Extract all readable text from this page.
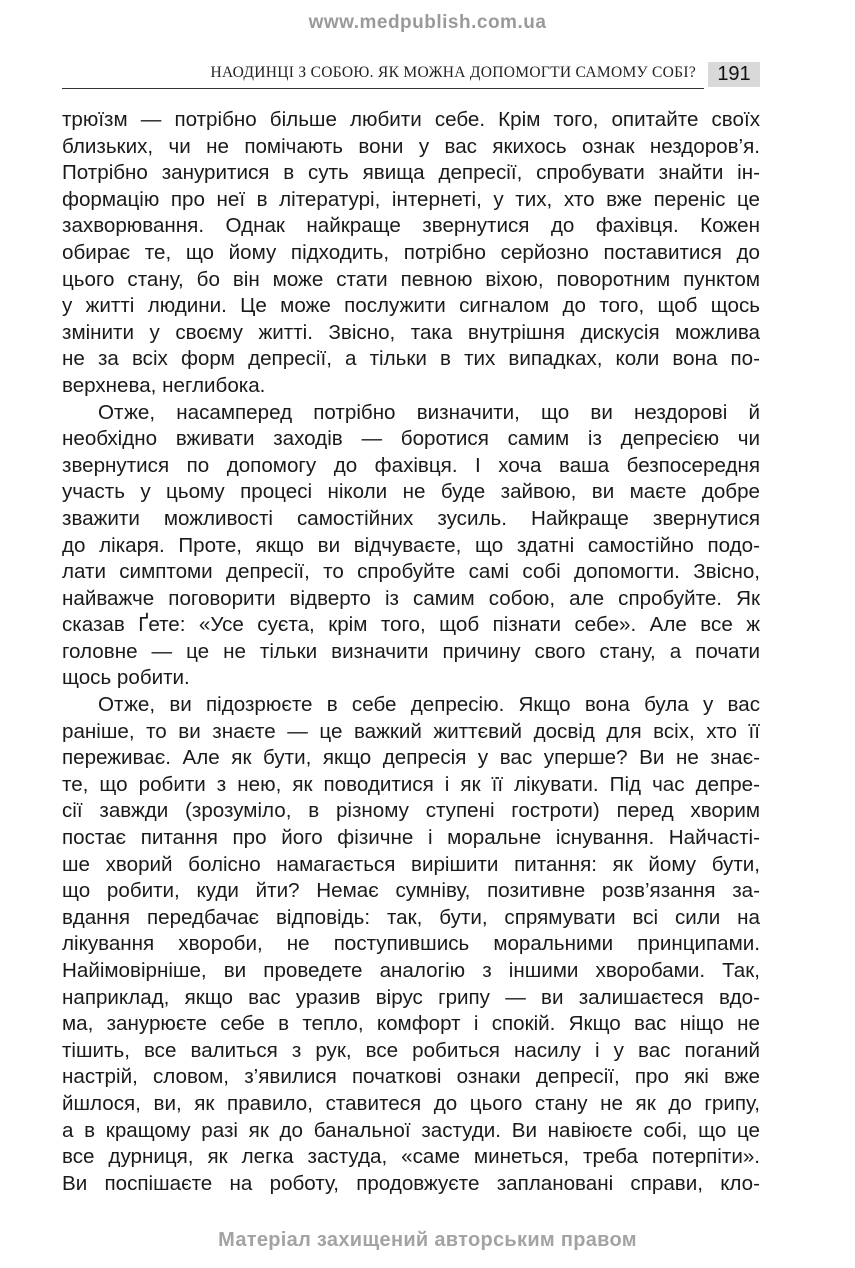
www.medpublish.com.ua
НАОДИНЦІ З СОБОЮ. ЯК МОЖНА ДОПОМОГТИ САМОМУ СОБІ?	191

трюїзм — потрібно більше любити себе. Крім того, опитайте своїх

близьких, чи не помічають вони у вас якихось ознак нездоров’я.

Потрібно зануритися в суть явища депресії, спробувати знайти ін-

формацію про неї в літературі, інтернеті, у тих, хто вже переніс це

захворювання. Однак найкраще звернутися до фахівця. Кожен

обирає те, що йому підходить, потрібно серйозно поставитися до

цього стану, бо він може стати певною віхою, поворотним пунктом

у житті людини. Це може послужити сигналом до того, щоб щось

змінити у своєму житті. Звісно, така внутрішня дискусія можлива

не за всіх форм депресії, а тільки в тих випадках, коли вона по-

верхнева, неглибока.

Отже, насамперед потрібно визначити, що ви нездорові й

необхідно вживати заходів — боротися самим із депресією чи

звернутися по допомогу до фахівця. І хоча ваша безпосередня

участь у цьому процесі ніколи не буде зайвою, ви маєте добре

зважити можливості самостійних зусиль. Найкраще звернутися

до лікаря. Проте, якщо ви відчуваєте, що здатні самостійно подо-

лати симптоми депресії, то спробуйте самі собі допомогти. Звісно,

найважче поговорити відверто із самим собою, але спробуйте. Як

сказав Ґете: «Усе суєта, крім того, щоб пізнати себе». Але все ж

головне — це не тільки визначити причину свого стану, а почати

щось робити.

Отже, ви підозрюєте в себе депресію. Якщо вона була у вас

раніше, то ви знаєте — це важкий життєвий досвід для всіх, хто її

переживає. Але як бути, якщо депресія у вас уперше? Ви не знає-

те, що робити з нею, як поводитися і як її лікувати. Під час депре-

сії завжди (зрозуміло, в різному ступені гостроти) перед хворим

постає питання про його фізичне і моральне існування. Найчасті-

ше хворий болісно намагається вирішити питання: як йому бути,

що робити, куди йти? Немає сумніву, позитивне розв’язання за-

вдання передбачає відповідь: так, бути, спрямувати всі сили на

лікування хвороби, не поступившись моральними принципами.

Найімовірніше, ви проведете аналогію з іншими хворобами. Так,

наприклад, якщо вас уразив вірус грипу — ви залишаєтеся вдо-

ма, занурюєте себе в тепло, комфорт і спокій. Якщо вас ніщо не

тішить, все валиться з рук, все робиться насилу і у вас поганий

настрій, словом, з’явилися початкові ознаки депресії, про які вже

йшлося, ви, як правило, ставитеся до цього стану не як до грипу,

а в кращому разі як до банальної застуди. Ви навіюєте собі, що це

все дурниця, як легка застуда, «саме минеться, треба потерпіти».

Ви поспішаєте на роботу, продовжуєте заплановані справи, кло-

Матеріал захищений авторським правом
